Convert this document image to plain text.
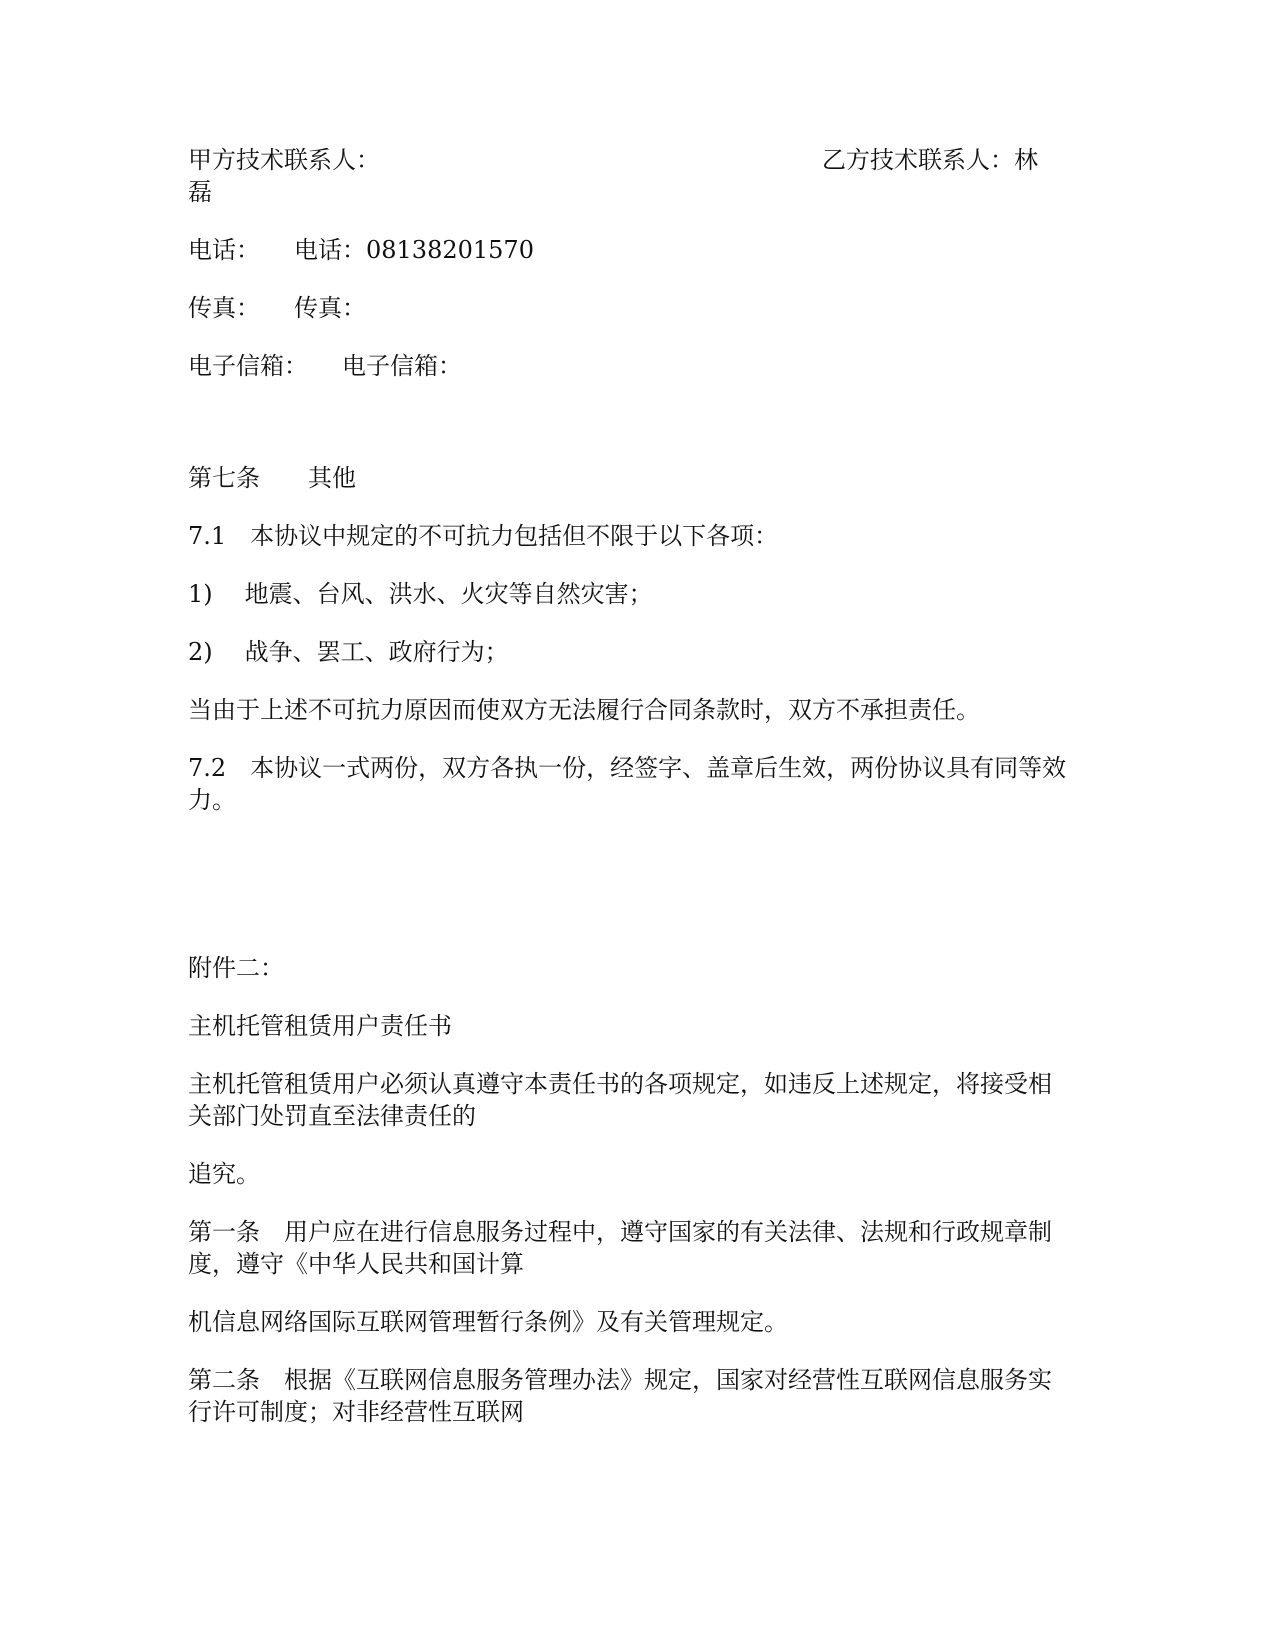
甲方技术联系人：	乙方技术联系人：林
磊
电话： 电话：08138201570
传真： 传真：
电子信箱： 电子信箱：
第七条 其他
7.1　本协议中规定的不可抗力包括但不限于以下各项：
1) 地震、台风、洪水、火灾等自然灾害；
2) 战争、罢工、政府行为；
当由于上述不可抗力原因而使双方无法履行合同条款时，双方不承担责任。
7.2　本协议一式两份，双方各执一份，经签字、盖章后生效，两份协议具有同等效
力。
附件二：
主机托管租赁用户责任书
主机托管租赁用户必须认真遵守本责任书的各项规定，如违反上述规定，将接受相
关部门处罚直至法律责任的
追究。
第一条　用户应在进行信息服务过程中，遵守国家的有关法律、法规和行政规章制
度，遵守《中华人民共和国计算
机信息网络国际互联网管理暂行条例》及有关管理规定。
第二条　根据《互联网信息服务管理办法》规定，国家对经营性互联网信息服务实
行许可制度；对非经营性互联网
